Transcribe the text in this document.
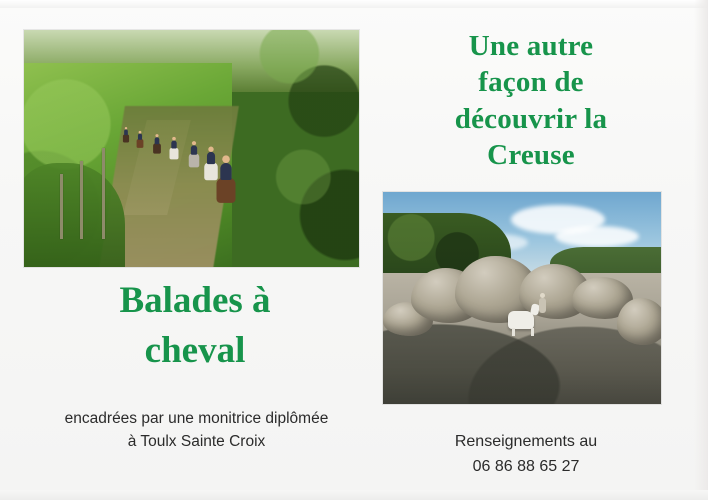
Une autre
façon de
découvrir la
Creuse
Balades à
cheval
encadrées par une monitrice diplômée
à Toulx Sainte Croix	Renseignements au
06 86 88 65 27
